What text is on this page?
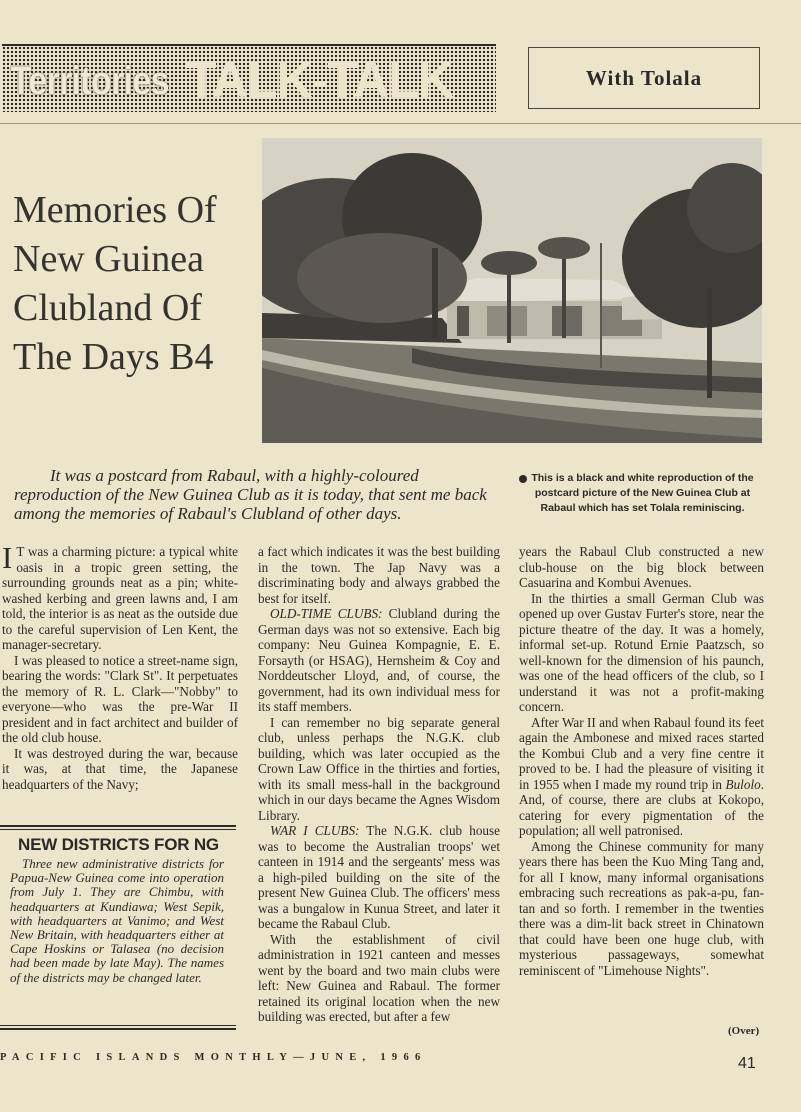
Territories TALK-TALK	With Tolala
Memories Of
New Guinea
Clubland Of
The Days B4
It was a postcard from Rabaul, with a highly-coloured reproduction of the New Guinea Club as it is today, that sent me back among the memories of Rabaul's Clubland of other days.
This is a black and white reproduction of the postcard picture of the New Guinea Club at Rabaul which has set Tolala reminiscing.

I T was a charming picture: a typical white oasis in a tropic green setting, the surrounding grounds neat as a pin; white-washed kerbing and green lawns and, I am told, the interior is as neat as the outside due to the careful supervision of Len Kent, the manager-secretary.

I was pleased to notice a street-name sign, bearing the words: "Clark St". It perpetuates the memory of R. L. Clark—"Nobby" to everyone—who was the pre-War II president and in fact architect and builder of the old club house.

It was destroyed during the war, because it was, at that time, the Japanese headquarters of the Navy;

NEW DISTRICTS FOR NG
Three new administrative districts for Papua-New Guinea come into operation from July 1. They are Chimbu, with headquarters at Kundiawa; West Sepik, with headquarters at Vanimo; and West New Britain, with headquarters either at Cape Hoskins or Talasea (no decision had been made by late May). The names of the districts may be changed later.

a fact which indicates it was the best building in the town. The Jap Navy was a discriminating body and always grabbed the best for itself.

OLD-TIME CLUBS: Clubland during the German days was not so extensive. Each big company: Neu Guinea Kompagnie, E. E. Forsayth (or HSAG), Hernsheim & Coy and Norddeutscher Lloyd, and, of course, the government, had its own individual mess for its staff members.

I can remember no big separate general club, unless perhaps the N.G.K. club building, which was later occupied as the Crown Law Office in the thirties and forties, with its small mess-hall in the background which in our days became the Agnes Wisdom Library.

WAR I CLUBS: The N.G.K. club house was to become the Australian troops' wet canteen in 1914 and the sergeants' mess was a high-piled building on the site of the present New Guinea Club. The officers' mess was a bungalow in Kunua Street, and later it became the Rabaul Club.

With the establishment of civil administration in 1921 canteen and messes went by the board and two main clubs were left: New Guinea and Rabaul. The former retained its original location when the new building was erected, but after a few

years the Rabaul Club constructed a new club-house on the big block between Casuarina and Kombui Avenues.

In the thirties a small German Club was opened up over Gustav Furter's store, near the picture theatre of the day. It was a homely, informal set-up. Rotund Ernie Paatzsch, so well-known for the dimension of his paunch, was one of the head officers of the club, so I understand it was not a profit-making concern.

After War II and when Rabaul found its feet again the Ambonese and mixed races started the Kombui Club and a very fine centre it proved to be. I had the pleasure of visiting it in 1955 when I made my round trip in Bulolo. And, of course, there are clubs at Kokopo, catering for every pigmentation of the population; all well patronised.

Among the Chinese community for many years there has been the Kuo Ming Tang and, for all I know, many informal organisations embracing such recreations as pak-a-pu, fan-tan and so forth. I remember in the twenties there was a dim-lit back street in Chinatown that could have been one huge club, with mysterious passageways, somewhat reminiscent of "Limehouse Nights".

(Over)
PACIFIC ISLANDS MONTHLY—JUNE, 1966	41
